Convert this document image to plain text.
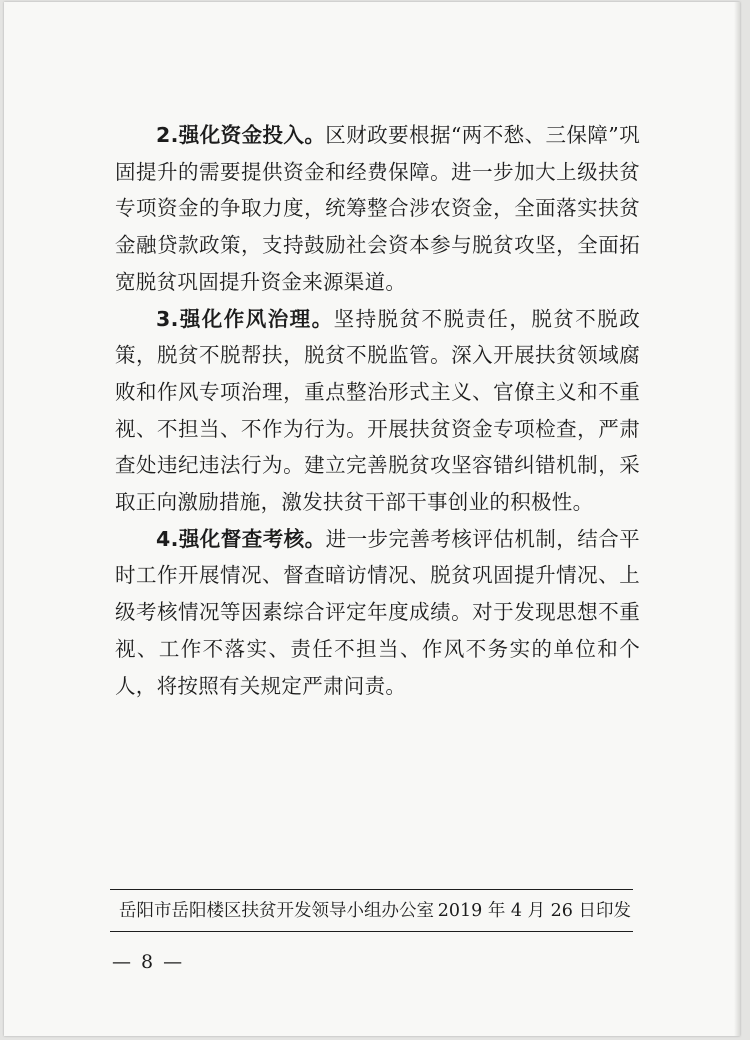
2.强化资金投入。区财政要根据“两不愁、三保障”巩固提升的需要提供资金和经费保障。进一步加大上级扶贫专项资金的争取力度，统筹整合涉农资金，全面落实扶贫金融贷款政策，支持鼓励社会资本参与脱贫攻坚，全面拓宽脱贫巩固提升资金来源渠道。

3.强化作风治理。坚持脱贫不脱责任，脱贫不脱政策，脱贫不脱帮扶，脱贫不脱监管。深入开展扶贫领域腐败和作风专项治理，重点整治形式主义、官僚主义和不重视、不担当、不作为行为。开展扶贫资金专项检查，严肃查处违纪违法行为。建立完善脱贫攻坚容错纠错机制，采取正向激励措施，激发扶贫干部干事创业的积极性。

4.强化督查考核。进一步完善考核评估机制，结合平时工作开展情况、督查暗访情况、脱贫巩固提升情况、上级考核情况等因素综合评定年度成绩。对于发现思想不重视、工作不落实、责任不担当、作风不务实的单位和个人，将按照有关规定严肃问责。

岳阳市岳阳楼区扶贫开发领导小组办公室 2019 年 4 月 26 日印发
— 8 —
